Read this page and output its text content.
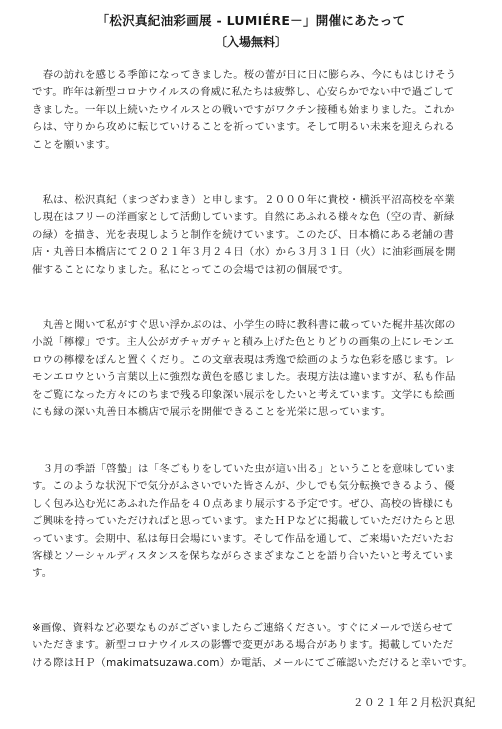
「松沢真紀油彩画展 - LUMIÉRE－」開催にあたって
〔入場無料〕
　春の訪れを感じる季節になってきました。桜の蕾が日に日に膨らみ、今にもはじけそう
です。昨年は新型コロナウイルスの脅威に私たちは疲弊し、心安らかでない中で過ごして
きました。一年以上続いたウイルスとの戦いですがワクチン接種も始まりました。これか
らは、守りから攻めに転じていけることを祈っています。そして明るい未来を迎えられる
ことを願います。
　私は、松沢真紀（まつざわまき）と申します。２０００年に貴校・横浜平沼高校を卒業
し現在はフリーの洋画家として活動しています。自然にあふれる様々な色（空の青、新緑
の緑）を描き、光を表現しようと制作を続けています。このたび、日本橋にある老舗の書
店・丸善日本橋店にて２０２１年３月２４日（水）から３月３１日（火）に油彩画展を開
催することになりました。私にとってこの会場では初の個展です。
　丸善と聞いて私がすぐ思い浮かぶのは、小学生の時に教科書に載っていた梶井基次郎の
小説「檸檬」です。主人公がガチャガチャと積み上げた色とりどりの画集の上にレモンエ
ロウの檸檬をぽんと置くくだり。この文章表現は秀逸で絵画のような色彩を感じます。レ
モンエロウという言葉以上に強烈な黄色を感じました。表現方法は違いますが、私も作品
をご覧になった方々にのちまで残る印象深い展示をしたいと考えています。文学にも絵画
にも縁の深い丸善日本橋店で展示を開催できることを光栄に思っています。
　３月の季語「啓蟄」は「冬ごもりをしていた虫が這い出る」ということを意味していま
す。このような状況下で気分がふさいでいた皆さんが、少しでも気分転換できるよう、優
しく包み込む光にあふれた作品を４０点あまり展示する予定です。ぜひ、高校の皆様にも
ご興味を持っていただければと思っています。またＨＰなどに掲載していただけたらと思
っています。会期中、私は毎日会場にいます。そして作品を通して、ご来場いただいたお
客様とソーシャルディスタンスを保ちながらさまざまなことを語り合いたいと考えていま
す。
※画像、資料など必要なものがございましたらご連絡ください。すぐにメールで送らせて
いただきます。新型コロナウイルスの影響で変更がある場合があります。掲載していただ
ける際はＨＰ（makimatsuzawa.com）か電話、メールにてご確認いただけると幸いです。
２０２１年２月松沢真紀
